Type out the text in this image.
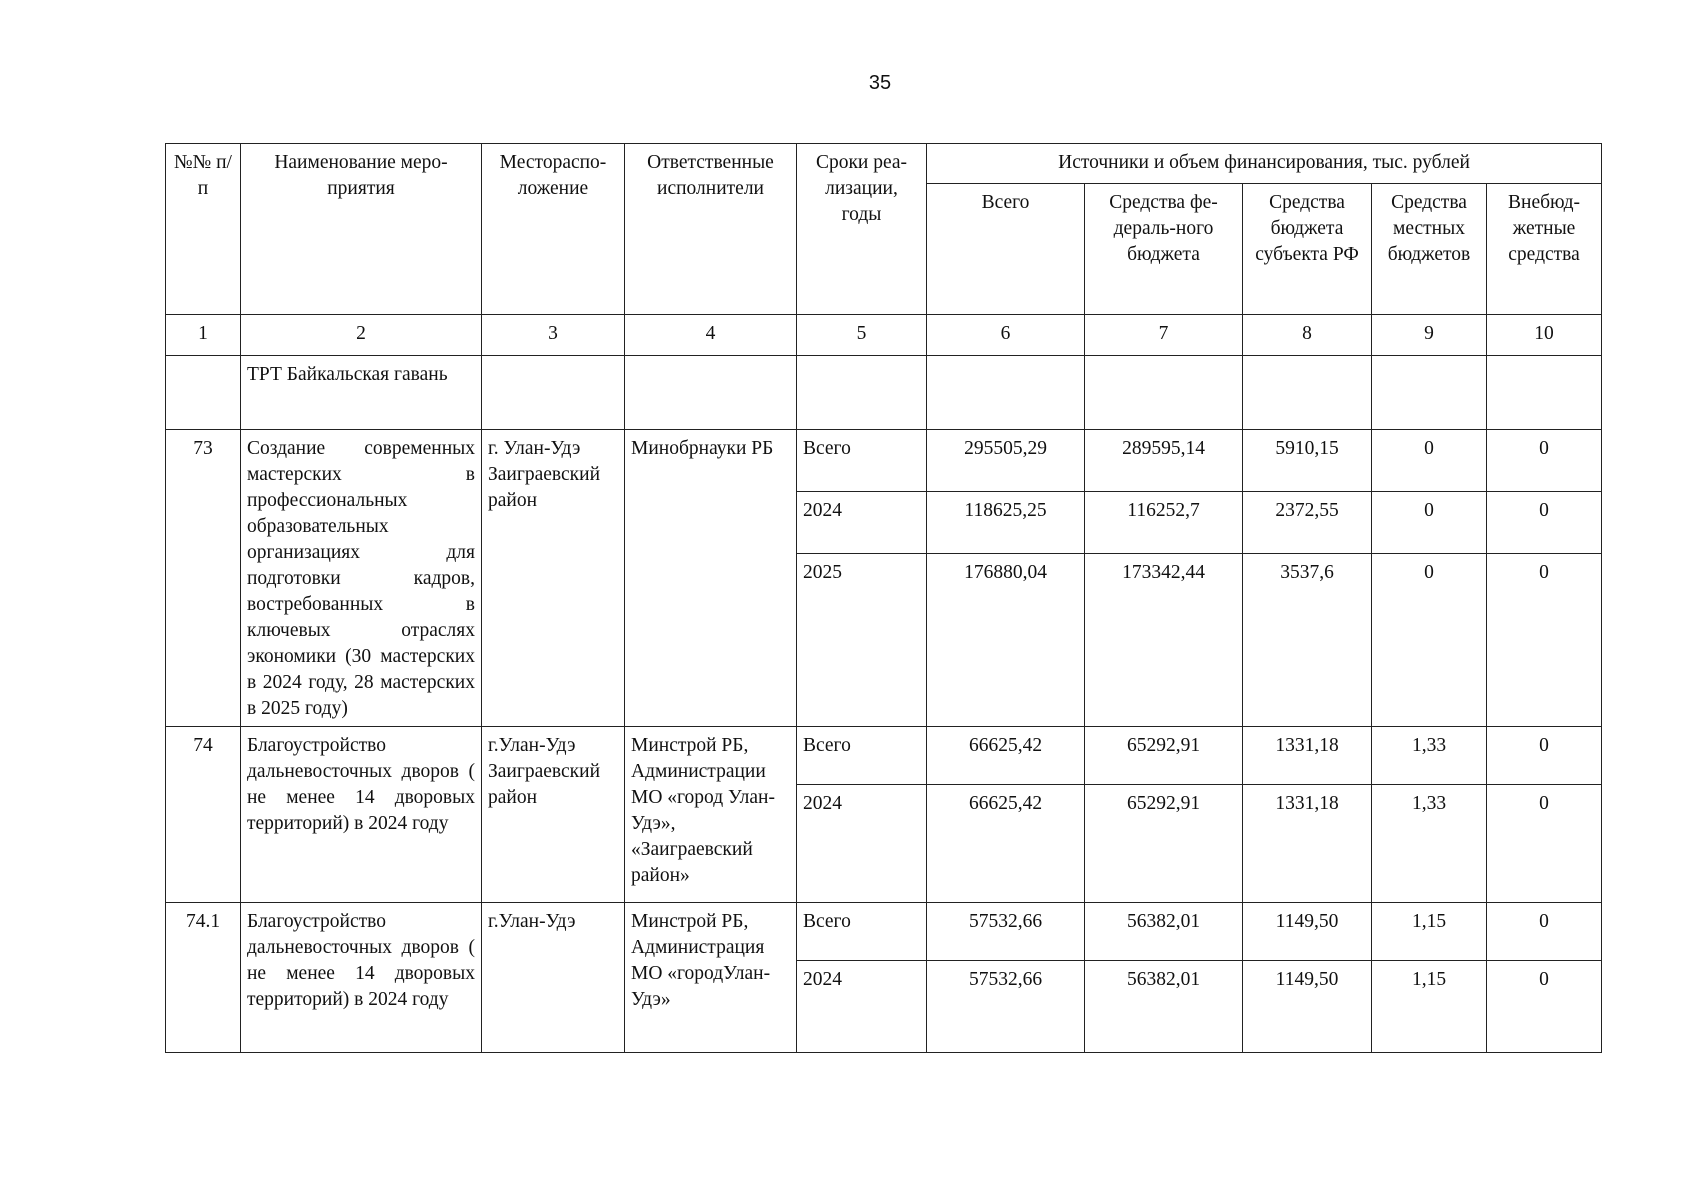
35
№№ п/п	Наименование меро-приятия	Местораспо-ложение	Ответственные исполнители	Сроки реа-лизации, годы	Источники и объем финансирования, тыс. рублей				
					Всего	Средства фе-дераль-ного бюджета	Средства бюджета субъекта РФ	Средства местных бюджетов	Внебюд-жетные средства
1	2	3	4	5	6	7	8	9	10
	ТРТ Байкальская гавань								
73	Создание современных мастерских в профессиональных образовательных организациях для подготовки кадров, востребованных в ключевых отраслях экономики (30 мастерских в 2024 году, 28 мастерских в 2025 году)	г. Улан-Удэ Заиграевский район	Минобрнауки РБ	Всего	295505,29	289595,14	5910,15	0	0
				2024	118625,25	116252,7	2372,55	0	0
				2025	176880,04	173342,44	3537,6	0	0
74	Благоустройство дальневосточных дворов ( не менее 14 дворовых территорий) в 2024 году	г.Улан-Удэ Заиграевский район	Минстрой РБ, Администрации МО «город Улан-Удэ», «Заиграевский район»	Всего	66625,42	65292,91	1331,18	1,33	0
				2024	66625,42	65292,91	1331,18	1,33	0
74.1	Благоустройство дальневосточных дворов ( не менее 14 дворовых территорий) в 2024 году	г.Улан-Удэ	Минстрой РБ, Администрация МО «городУлан-Удэ»	Всего	57532,66	56382,01	1149,50	1,15	0
				2024	57532,66	56382,01	1149,50	1,15	0
